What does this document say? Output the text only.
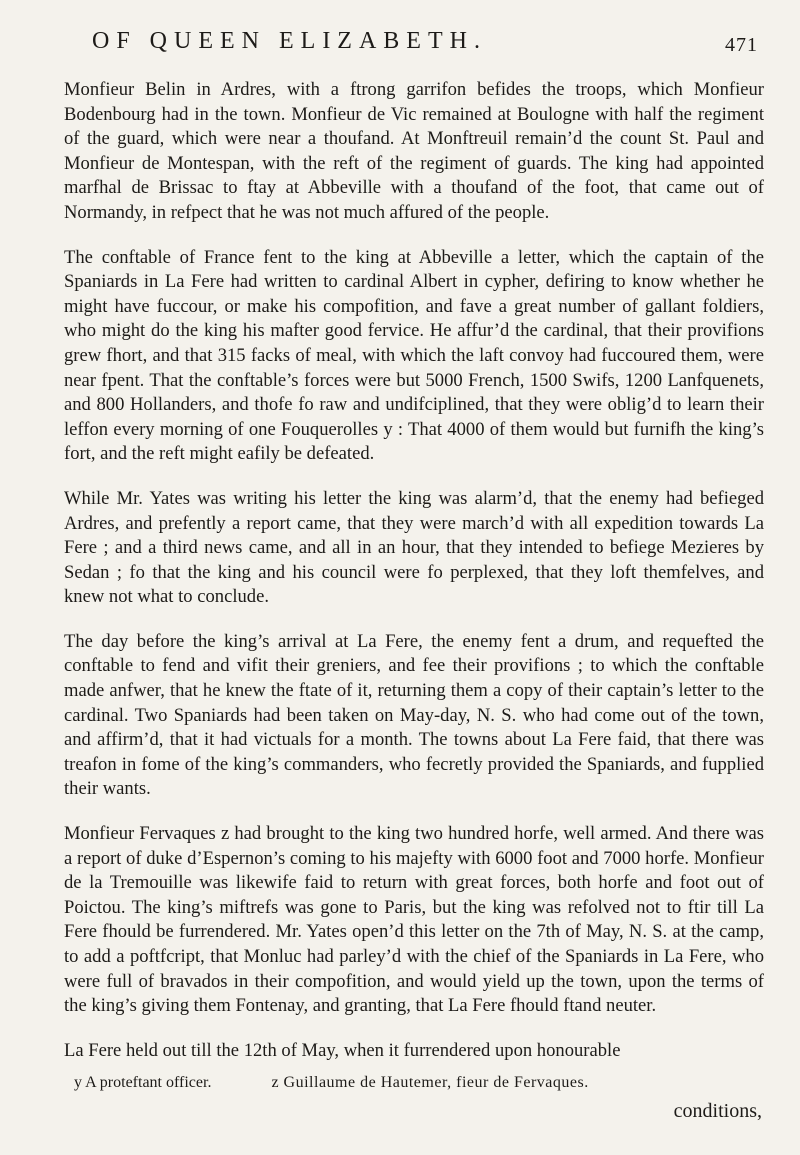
OF QUEEN ELIZABETH.	471

Monfieur Belin in Ardres, with a ftrong garrifon befides the troops, which Monfieur Bodenbourg had in the town. Monfieur de Vic remained at Boulogne with half the regiment of the guard, which were near a thoufand. At Monftreuil remain’d the count St. Paul and Monfieur de Montespan, with the reft of the regiment of guards. The king had appointed marfhal de Brissac to ftay at Abbeville with a thoufand of the foot, that came out of Normandy, in refpect that he was not much affured of the people.

The conftable of France fent to the king at Abbeville a letter, which the captain of the Spaniards in La Fere had written to cardinal Albert in cypher, defiring to know whether he might have fuccour, or make his compofition, and fave a great number of gallant foldiers, who might do the king his mafter good fervice. He affur’d the cardinal, that their provifions grew fhort, and that 315 facks of meal, with which the laft convoy had fuccoured them, were near fpent. That the conftable’s forces were but 5000 French, 1500 Swifs, 1200 Lanfquenets, and 800 Hollanders, and thofe fo raw and undifciplined, that they were oblig’d to learn their leffon every morning of one Fouquerolles y : That 4000 of them would but furnifh the king’s fort, and the reft might eafily be defeated.

While Mr. Yates was writing his letter the king was alarm’d, that the enemy had befieged Ardres, and prefently a report came, that they were march’d with all expedition towards La Fere ; and a third news came, and all in an hour, that they intended to befiege Mezieres by Sedan ; fo that the king and his council were fo perplexed, that they loft themfelves, and knew not what to conclude.

The day before the king’s arrival at La Fere, the enemy fent a drum, and requefted the conftable to fend and vifit their greniers, and fee their provifions ; to which the conftable made anfwer, that he knew the ftate of it, returning them a copy of their captain’s letter to the cardinal. Two Spaniards had been taken on May-day, N. S. who had come out of the town, and affirm’d, that it had victuals for a month. The towns about La Fere faid, that there was treafon in fome of the king’s commanders, who fecretly provided the Spaniards, and fupplied their wants.

Monfieur Fervaques z had brought to the king two hundred horfe, well armed. And there was a report of duke d’Espernon’s coming to his majefty with 6000 foot and 7000 horfe. Monfieur de la Tremouille was likewife faid to return with great forces, both horfe and foot out of Poictou. The king’s miftrefs was gone to Paris, but the king was refolved not to ftir till La Fere fhould be furrendered. Mr. Yates open’d this letter on the 7th of May, N. S. at the camp, to add a poftfcript, that Monluc had parley’d with the chief of the Spaniards in La Fere, who were full of bravados in their compofition, and would yield up the town, upon the terms of the king’s giving them Fontenay, and granting, that La Fere fhould ftand neuter.

La Fere held out till the 12th of May, when it furrendered upon honourable

y A proteftant officer.	z Guillaume de Hautemer, fieur de Fervaques.
conditions,
